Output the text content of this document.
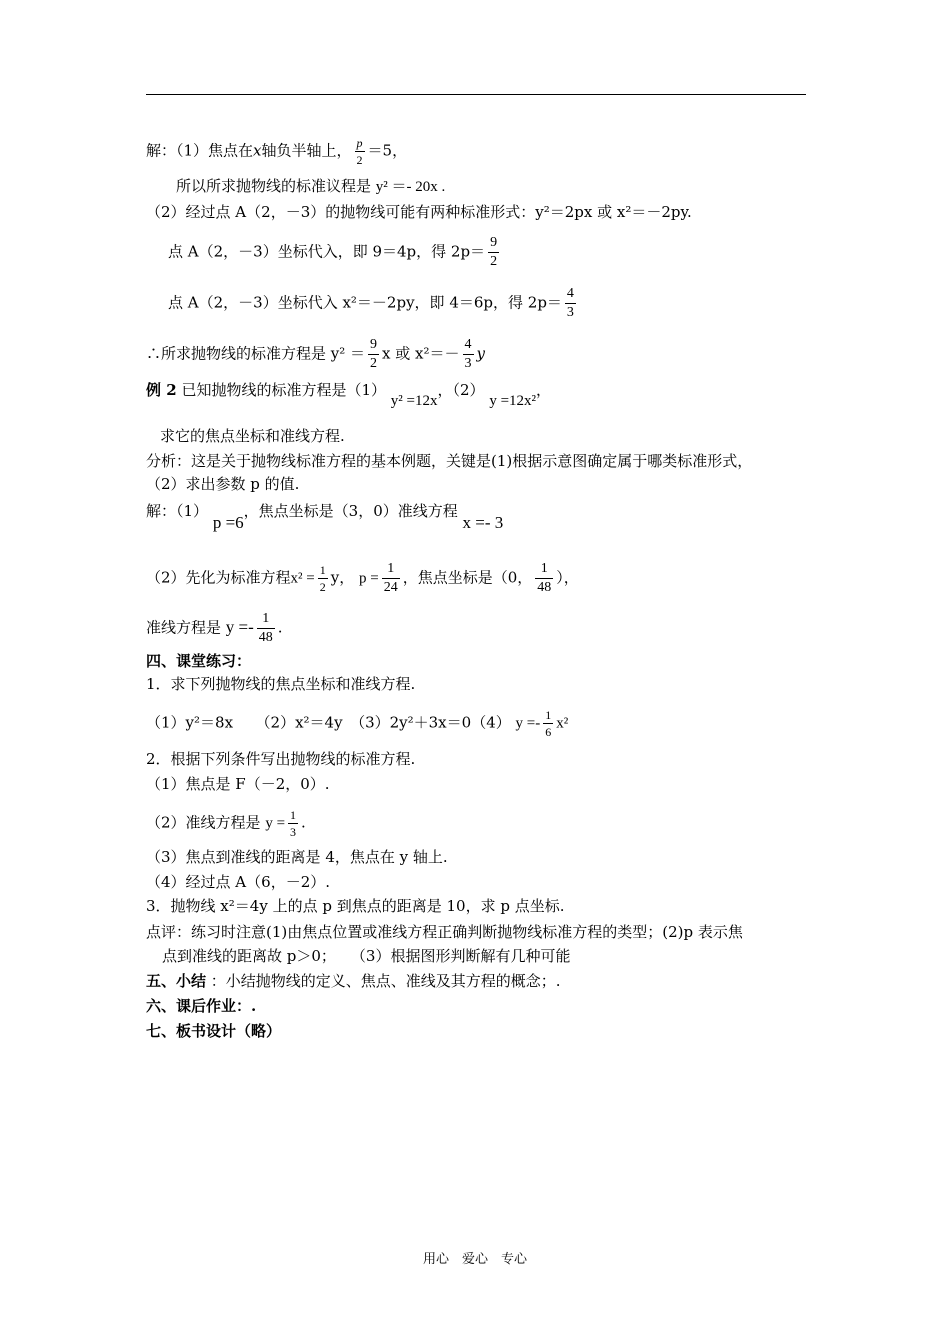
解：（1）焦点在x轴负半轴上， $\frac{p}{2} =5$，
所以所求抛物线的标准议程是 y² ＝- 20x .
（2）经过点 A（2，－3）的抛物线可能有两种标准形式：y²＝2px 或 x²＝－2py.
点 A（2，－3）坐标代入，即 9＝4p，得 $2p= \frac{9}{2}$
点 A（2，－3）坐标代入 x²＝－2py，即 4＝6p，得 $2p= \frac{4}{3}$
∴所求抛物线的标准方程是 $y^2 = \frac{9}{2}$ x 或 $x^2=- \frac{4}{3}$ y
例 2 已知抛物线的标准方程是（1） y² =12x，（2） y =12x²，
求它的焦点坐标和准线方程.
分析：这是关于抛物线标准方程的基本例题，关键是(1)根据示意图确定属于哪类标准形式，
（2）求出参数 p 的值.
解：（1） p =6，焦点坐标是（3，0）准线方程 x =- 3
（2）先化为标准方程$x^2 = \frac{1}{2}$ y， $p = \frac{1}{24}$ ，焦点坐标是（0， $\frac{1}{48}$ ），
准线方程是 $y =- \frac{1}{48}$ .
四、课堂练习：
1．求下列抛物线的焦点坐标和准线方程.
（1）y²＝8x　　（2）x²＝4y　（3）2y²＋3x＝0（4） $y =- \frac{1}{6} x^2$
2．根据下列条件写出抛物线的标准方程.
（1）焦点是 F（－2，0）.
（2）准线方程是 $y = \frac{1}{3}$ .
（3）焦点到准线的距离是 4，焦点在 y 轴上.
（4）经过点 A（6，－2）.
3．抛物线 x²＝4y 上的点 p 到焦点的距离是 10，求 p 点坐标.
点评：练习时注意(1)由焦点位置或准线方程正确判断抛物线标准方程的类型；(2)p 表示焦
点到准线的距离故 p＞0；　　（3）根据图形判断解有几种可能
五、小结 ：小结抛物线的定义、焦点、准线及其方程的概念；.
六、课后作业：.
七、板书设计（略）
用心　爱心　专心
